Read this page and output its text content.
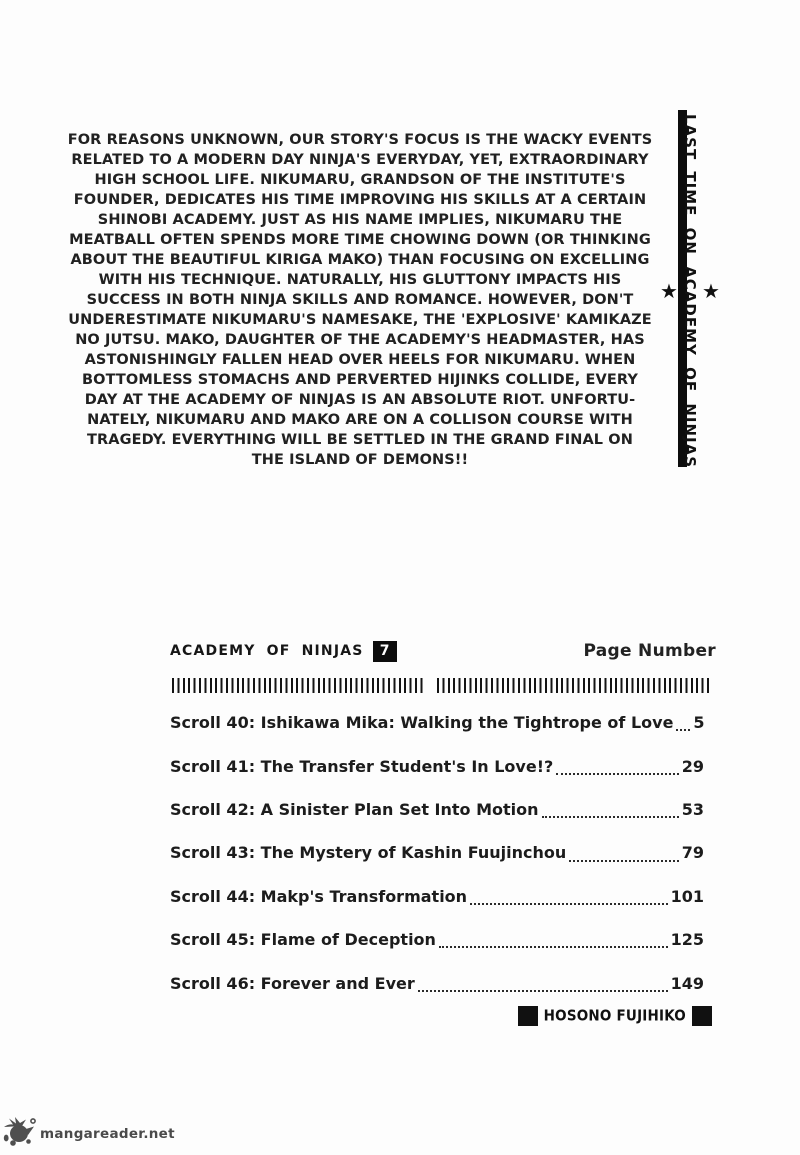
FOR REASONS UNKNOWN, OUR STORY'S FOCUS IS THE WACKY EVENTS
RELATED TO A MODERN DAY NINJA'S EVERYDAY, YET, EXTRAORDINARY
HIGH SCHOOL LIFE. NIKUMARU, GRANDSON OF THE INSTITUTE'S
FOUNDER, DEDICATES HIS TIME IMPROVING HIS SKILLS AT A CERTAIN
SHINOBI ACADEMY. JUST AS HIS NAME IMPLIES, NIKUMARU THE
MEATBALL OFTEN SPENDS MORE TIME CHOWING DOWN (OR THINKING
ABOUT THE BEAUTIFUL KIRIGA MAKO) THAN FOCUSING ON EXCELLING
WITH HIS TECHNIQUE. NATURALLY, HIS GLUTTONY IMPACTS HIS
SUCCESS IN BOTH NINJA SKILLS AND ROMANCE. HOWEVER, DON'T
UNDERESTIMATE NIKUMARU'S NAMESAKE, THE 'EXPLOSIVE' KAMIKAZE
NO JUTSU. MAKO, DAUGHTER OF THE ACADEMY'S HEADMASTER, HAS
ASTONISHINGLY FALLEN HEAD OVER HEELS FOR NIKUMARU. WHEN
BOTTOMLESS STOMACHS AND PERVERTED HIJINKS COLLIDE, EVERY
DAY AT THE ACADEMY OF NINJAS IS AN ABSOLUTE RIOT. UNFORTU-
NATELY, NIKUMARU AND MAKO ARE ON A COLLISON COURSE WITH
TRAGEDY. EVERYTHING WILL BE SETTLED IN THE GRAND FINAL ON
THE ISLAND OF DEMONS!!
★
LAST TIME ON ACADEMY OF NINJAS
★
ACADEMY OF NINJAS	7	Page Number
Scroll 40: Ishikawa Mika: Walking the Tightrope of Love 5
Scroll 41: The Transfer Student's In Love!?	29
Scroll 42: A Sinister Plan Set Into Motion	53
Scroll 43: The Mystery of Kashin Fuujinchou	79
Scroll 44: Makp's Transformation	101
Scroll 45: Flame of Deception	125
Scroll 46: Forever and Ever	149
HOSONO FUJIHIKO
mangareader.net
